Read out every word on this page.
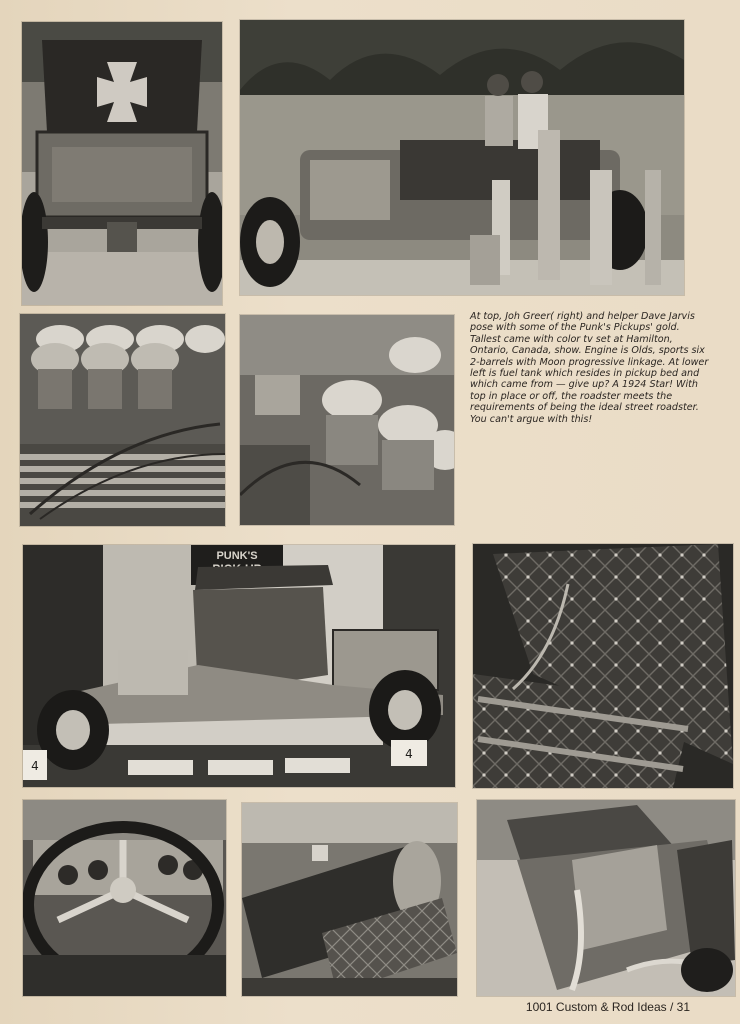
At top, Joh Greer( right) and helper Dave Jarvis pose with some of the Punk's Pickups' gold. Tallest came with color tv set at Hamilton, Ontario, Canada, show. Engine is Olds, sports six 2-barrels with Moon progressive linkage. At lower left is fuel tank which resides in pickup bed and which came from — give up? A 1924 Star! With top in place or off, the roadster meets the requirements of being the ideal street roadster. You can't argue with this!
PUNK'S
4
4
1001 Custom & Rod Ideas / 31
